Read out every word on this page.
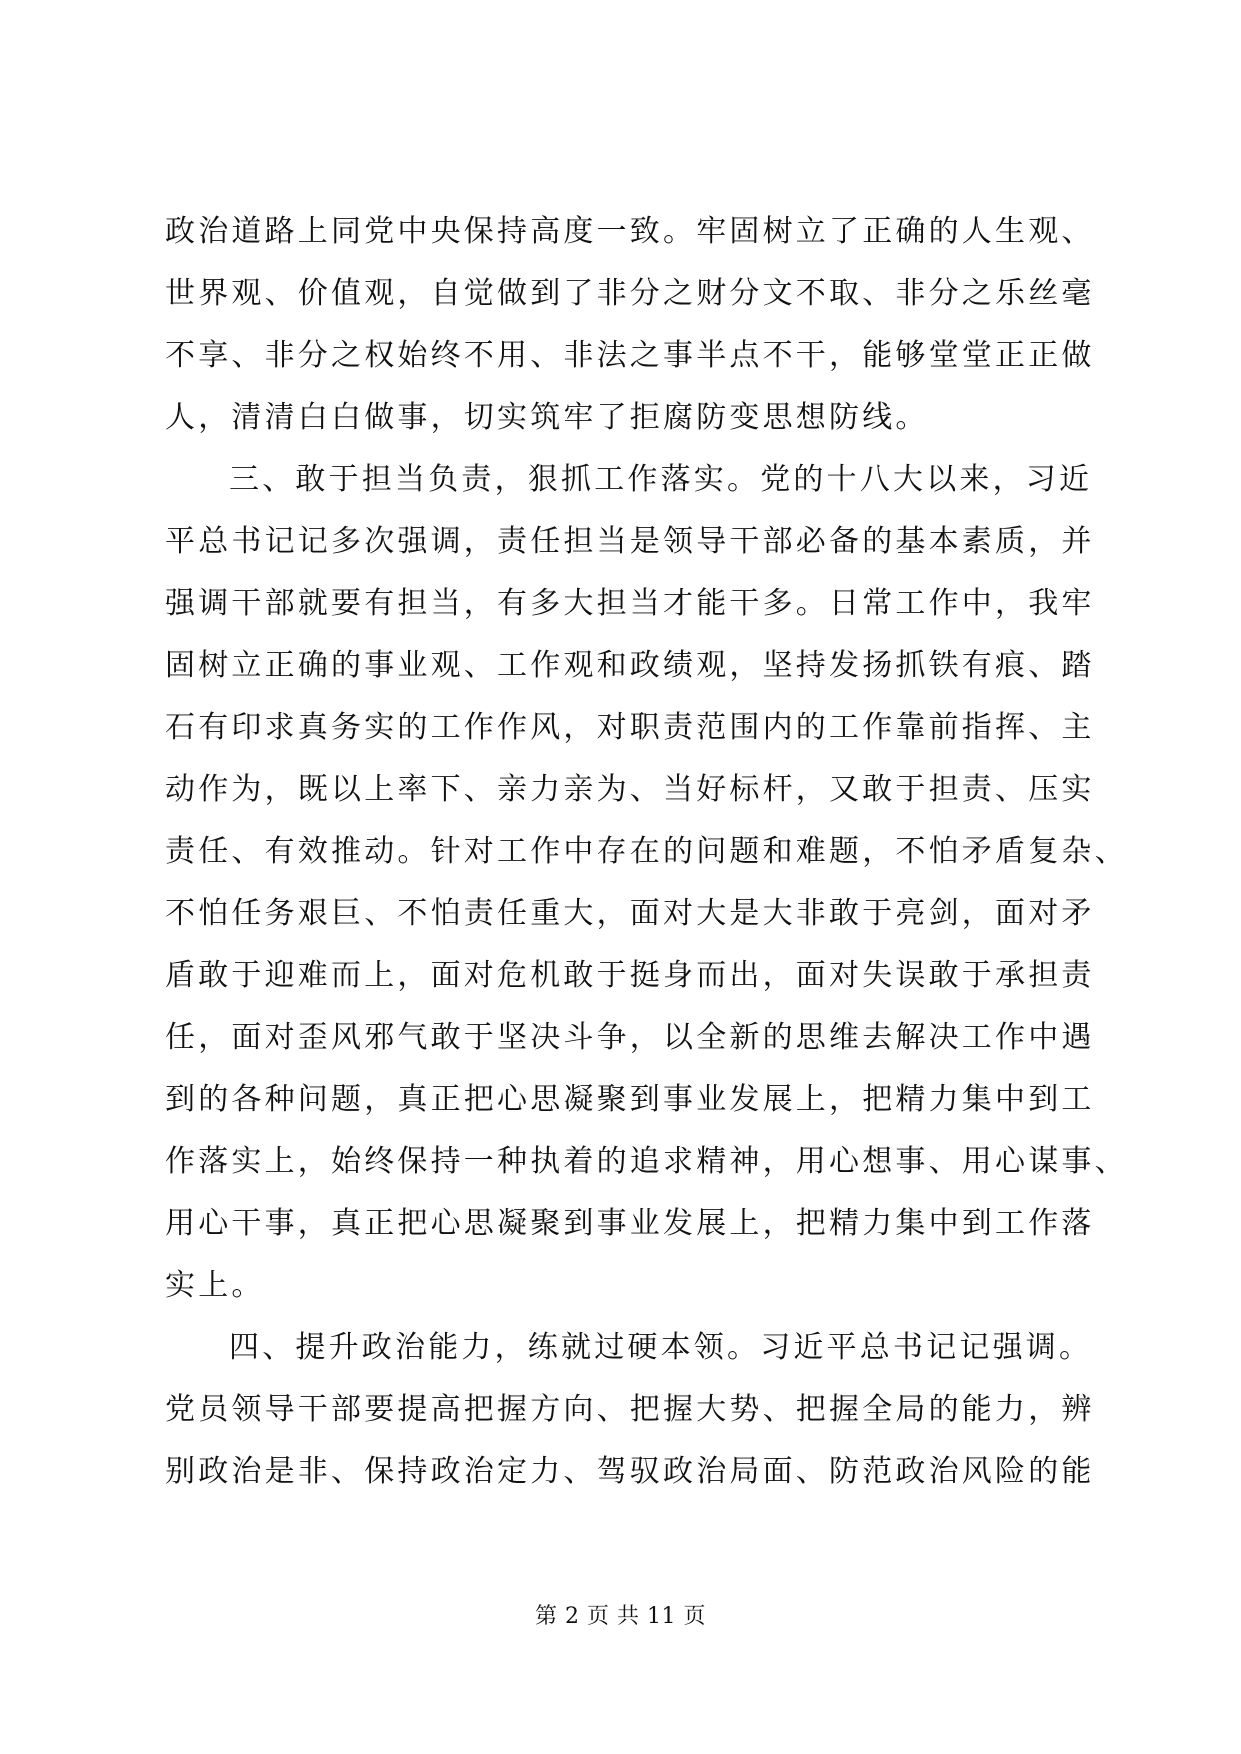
政治道路上同党中央保持高度一致。牢固树立了正确的人生观、
世界观、价值观，自觉做到了非分之财分文不取、非分之乐丝毫
不享、非分之权始终不用、非法之事半点不干，能够堂堂正正做
人，清清白白做事，切实筑牢了拒腐防变思想防线。
三、敢于担当负责，狠抓工作落实。党的十八大以来，习近
平总书记记多次强调，责任担当是领导干部必备的基本素质，并
强调干部就要有担当，有多大担当才能干多。日常工作中，我牢
固树立正确的事业观、工作观和政绩观，坚持发扬抓铁有痕、踏
石有印求真务实的工作作风，对职责范围内的工作靠前指挥、主
动作为，既以上率下、亲力亲为、当好标杆，又敢于担责、压实
责任、有效推动。针对工作中存在的问题和难题，不怕矛盾复杂、
不怕任务艰巨、不怕责任重大，面对大是大非敢于亮剑，面对矛
盾敢于迎难而上，面对危机敢于挺身而出，面对失误敢于承担责
任，面对歪风邪气敢于坚决斗争，以全新的思维去解决工作中遇
到的各种问题，真正把心思凝聚到事业发展上，把精力集中到工
作落实上，始终保持一种执着的追求精神，用心想事、用心谋事、
用心干事，真正把心思凝聚到事业发展上，把精力集中到工作落
实上。
四、提升政治能力，练就过硬本领。习近平总书记记强调。
党员领导干部要提高把握方向、把握大势、把握全局的能力，辨
别政治是非、保持政治定力、驾驭政治局面、防范政治风险的能
第 2 页 共 11 页
